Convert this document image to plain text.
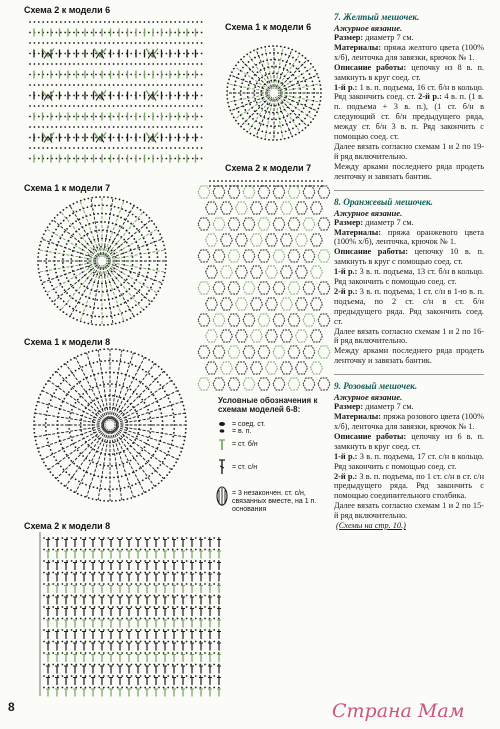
Схема 2 к модели 6
Схема 1 к модели 6
Схема 2 к модели 7
Схема 1 к модели 7
Схема 1 к модели 8
Схема 2 к модели 8
Условные обозначения к схемам моделей 6-8:
= соед. ст.
= в. п.
= ст. б/н
= ст. с/н
= 3 незакончен. ст. с/н, связанных вместе, на 1 п. основания
7. Желтый мешочек.
Ажурное вязание.

Размер: диаметр 7 см.

Материалы: пряжа желтого цвета (100% х/б), ленточка для завязки, крючок № 1.

Описание работы: цепочку из 8 в. п. замкнуть в круг соед. ст.

1-й р.: 1 в. п. подъема, 16 ст. б/н в кольцо. Ряд закончить соед. ст. 2-й р.: 4 в. п. (1 в. п. подъема + 3 в. п.), (1 ст. б/н в следующий ст. б/н предыдущего ряда, между ст. б/н 3 в. п. Ряд закончить с помощью соед. ст.

Далее вязать согласно схемам 1 и 2 по 19-й ряд включительно.

Между арками последнего ряда продеть ленточку и завязать бантик.

8. Оранжевый мешочек.
Ажурное вязание.

Размер: диаметр 7 см.

Материалы: пряжа оранжевого цвета (100% х/б), ленточка, крючок № 1.

Описание работы: цепочку 10 в. п. замкнуть в круг с помощью соед. ст.

1-й р.: 3 в. п. подъема, 13 ст. б/н в кольцо. Ряд закончить с помощью соед. ст.

2-й р.: 3 в. п. подъема, 1 ст. с/н в 1-ю в. п. подъема, по 2 ст. с/н в ст. б/н предыдущего ряда. Ряд закончить соед. ст.

Далее вязать согласно схемам 1 и 2 по 16-й ряд включительно.

Между арками последнего ряда продеть ленточку и завязать бантик.

9. Розовый мешочек.
Ажурное вязание.

Размер: диаметр 7 см.

Материалы: пряжа розового цвета (100% х/б), ленточка для завязки, крючок № 1.

Описание работы: цепочку из 6 в. п. замкнуть в круг соед. ст.

1-й р.: 3 в. п. подъема, 17 ст. с/н в кольцо. Ряд закончить с помощью соед. ст.

2-й р.: 3 в. п. подъема, по 1 ст. с/н в ст. с/н предыдущего ряда. Ряд закончить с помощью соединительного столбика.

Далее вязать согласно схемам 1 и 2 по 15-й ряд включительно.

(Схемы на стр. 10.)

8	Страна Мам
